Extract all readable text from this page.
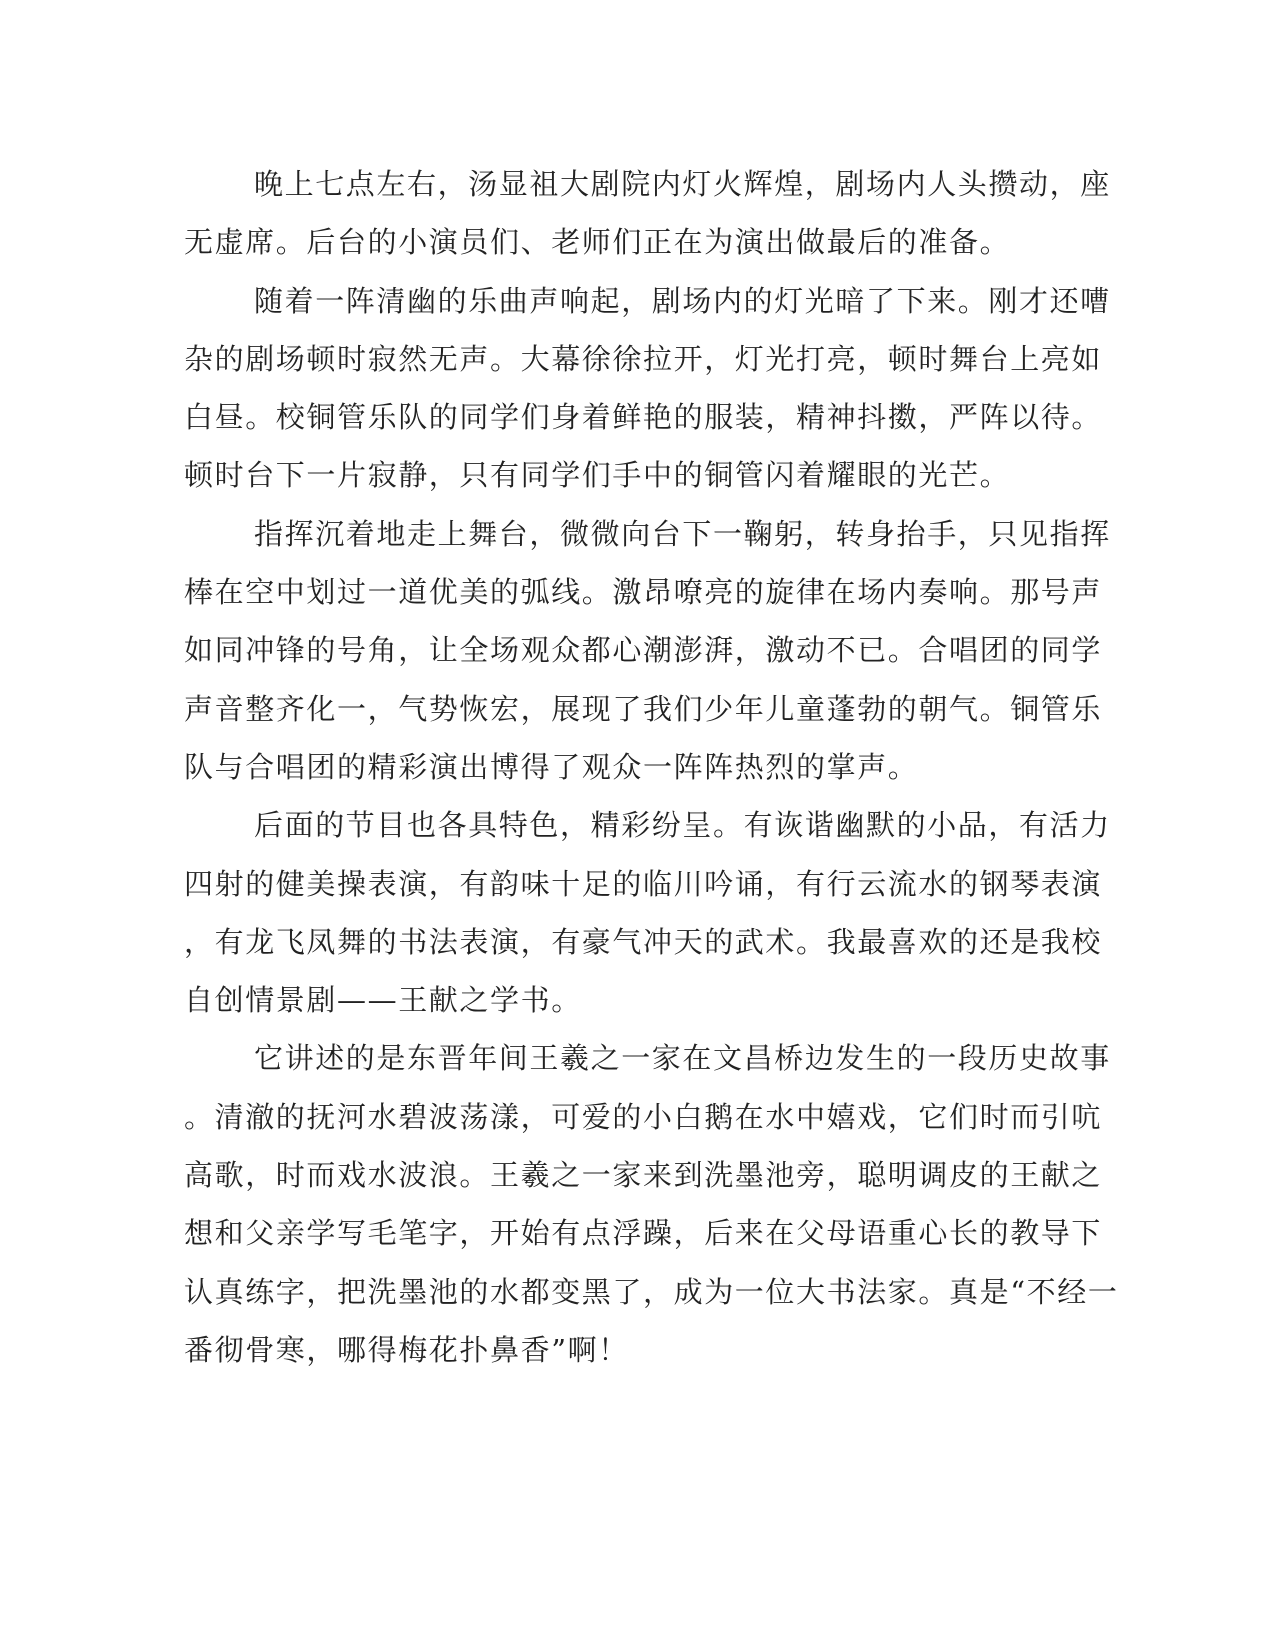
晚上七点左右，汤显祖大剧院内灯火辉煌，剧场内人头攒动，座
无虚席。后台的小演员们、老师们正在为演出做最后的准备。
随着一阵清幽的乐曲声响起，剧场内的灯光暗了下来。刚才还嘈
杂的剧场顿时寂然无声。大幕徐徐拉开，灯光打亮，顿时舞台上亮如
白昼。校铜管乐队的同学们身着鲜艳的服装，精神抖擞，严阵以待。
顿时台下一片寂静，只有同学们手中的铜管闪着耀眼的光芒。
指挥沉着地走上舞台，微微向台下一鞠躬，转身抬手，只见指挥
棒在空中划过一道优美的弧线。激昂嘹亮的旋律在场内奏响。那号声
如同冲锋的号角，让全场观众都心潮澎湃，激动不已。合唱团的同学
声音整齐化一，气势恢宏，展现了我们少年儿童蓬勃的朝气。铜管乐
队与合唱团的精彩演出博得了观众一阵阵热烈的掌声。
后面的节目也各具特色，精彩纷呈。有诙谐幽默的小品，有活力
四射的健美操表演，有韵味十足的临川吟诵，有行云流水的钢琴表演
，有龙飞凤舞的书法表演，有豪气冲天的武术。我最喜欢的还是我校
自创情景剧——王献之学书。
它讲述的是东晋年间王羲之一家在文昌桥边发生的一段历史故事
。清澈的抚河水碧波荡漾，可爱的小白鹅在水中嬉戏，它们时而引吭
高歌，时而戏水波浪。王羲之一家来到洗墨池旁，聪明调皮的王献之
想和父亲学写毛笔字，开始有点浮躁，后来在父母语重心长的教导下
认真练字，把洗墨池的水都变黑了，成为一位大书法家。真是“不经一
番彻骨寒，哪得梅花扑鼻香”啊！
